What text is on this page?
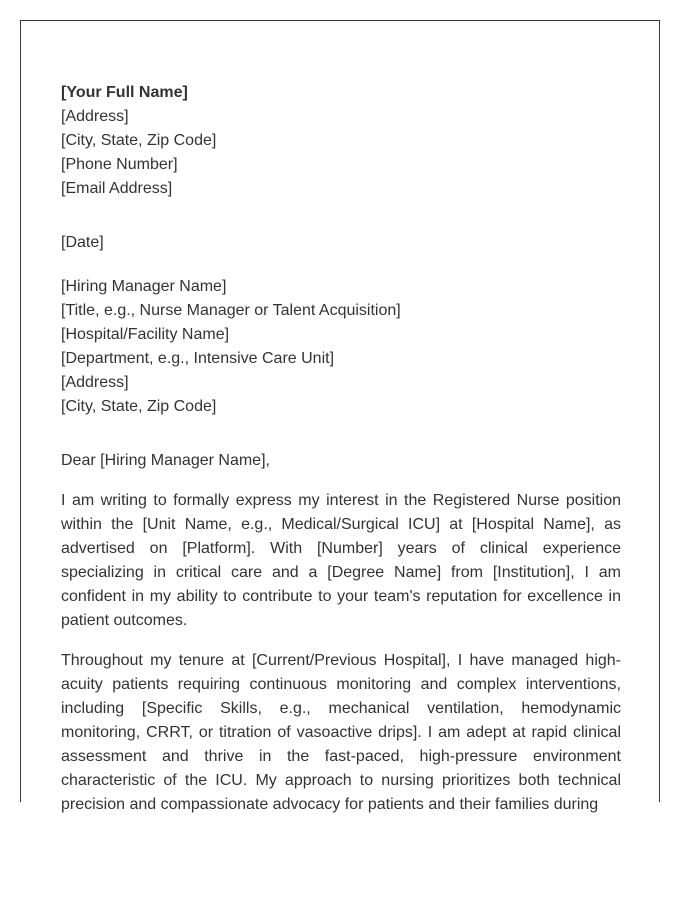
[Your Full Name]
[Address]
[City, State, Zip Code]
[Phone Number]
[Email Address]
[Date]
[Hiring Manager Name]
[Title, e.g., Nurse Manager or Talent Acquisition]
[Hospital/Facility Name]
[Department, e.g., Intensive Care Unit]
[Address]
[City, State, Zip Code]
Dear [Hiring Manager Name],

I am writing to formally express my interest in the Registered Nurse position within the [Unit Name, e.g., Medical/Surgical ICU] at [Hospital Name], as advertised on [Platform]. With [Number] years of clinical experience specializing in critical care and a [Degree Name] from [Institution], I am confident in my ability to contribute to your team's reputation for excellence in patient outcomes.

Throughout my tenure at [Current/Previous Hospital], I have managed high-acuity patients requiring continuous monitoring and complex interventions, including [Specific Skills, e.g., mechanical ventilation, hemodynamic monitoring, CRRT, or titration of vasoactive drips]. I am adept at rapid clinical assessment and thrive in the fast-paced, high-pressure environment characteristic of the ICU. My approach to nursing prioritizes both technical precision and compassionate advocacy for patients and their families during
